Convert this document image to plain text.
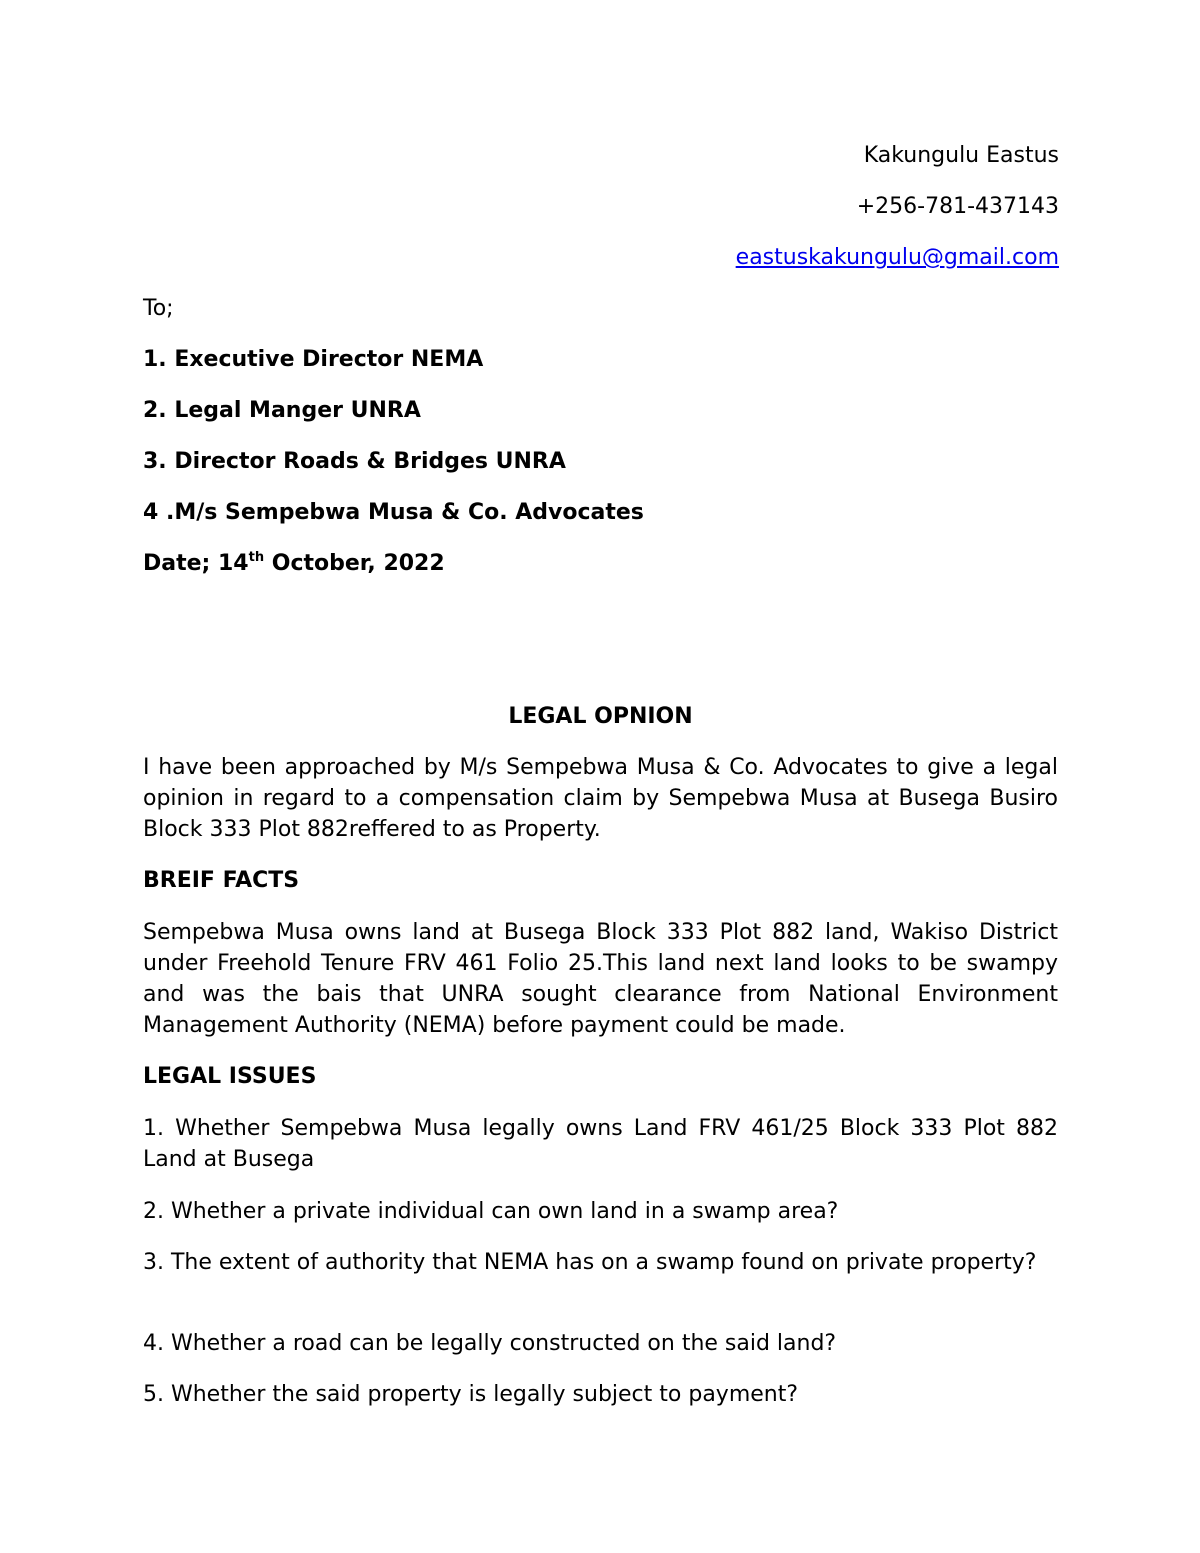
Kakungulu Eastus
+256-781-437143
eastuskakungulu@gmail.com
To;
1. Executive Director NEMA
2. Legal Manger UNRA
3. Director Roads & Bridges UNRA
4 .M/s Sempebwa Musa & Co. Advocates
Date; 14th October, 2022
LEGAL OPNION
I have been approached by M/s Sempebwa Musa & Co. Advocates to give a legal opinion in regard to a compensation claim by Sempebwa Musa at Busega Busiro Block 333 Plot 882reffered to as Property.
BREIF FACTS
Sempebwa Musa owns land at Busega Block 333 Plot 882 land, Wakiso District under Freehold Tenure FRV 461 Folio 25.This land next land looks to be swampy and was the bais that UNRA sought clearance from National Environment Management Authority (NEMA) before payment could be made.
LEGAL ISSUES
1. Whether Sempebwa Musa legally owns Land FRV 461/25 Block 333 Plot 882 Land at Busega
2. Whether a private individual can own land in a swamp area?
3. The extent of authority that NEMA has on a swamp found on private property?
4. Whether a road can be legally constructed on the said land?
5. Whether the said property is legally subject to payment?
